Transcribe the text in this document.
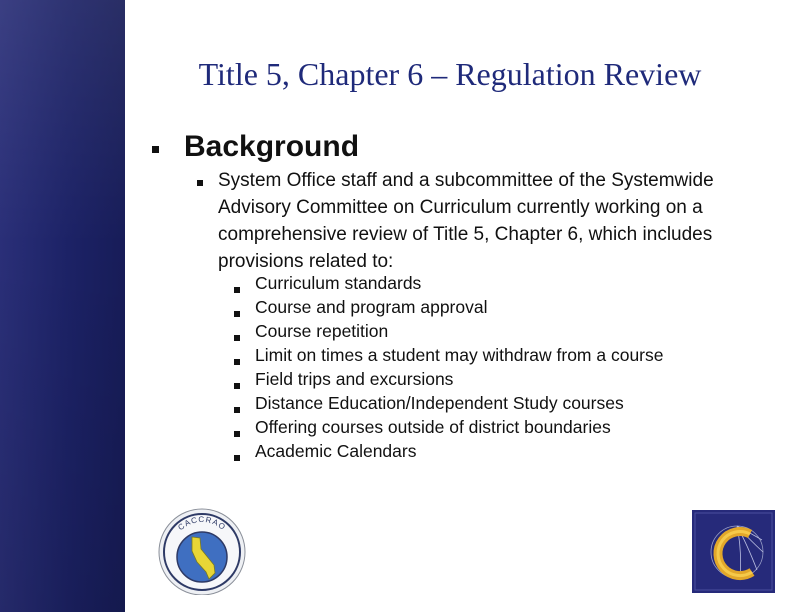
Title 5, Chapter 6 – Regulation Review
Background
System Office staff and a subcommittee of the Systemwide Advisory Committee on Curriculum currently working on a comprehensive review of Title 5, Chapter 6, which includes provisions related to:
Curriculum standards
Course and program approval
Course repetition
Limit on times a student may withdraw from a course
Field trips and excursions
Distance Education/Independent Study courses
Offering courses outside of district boundaries
Academic Calendars
CACCRAO
